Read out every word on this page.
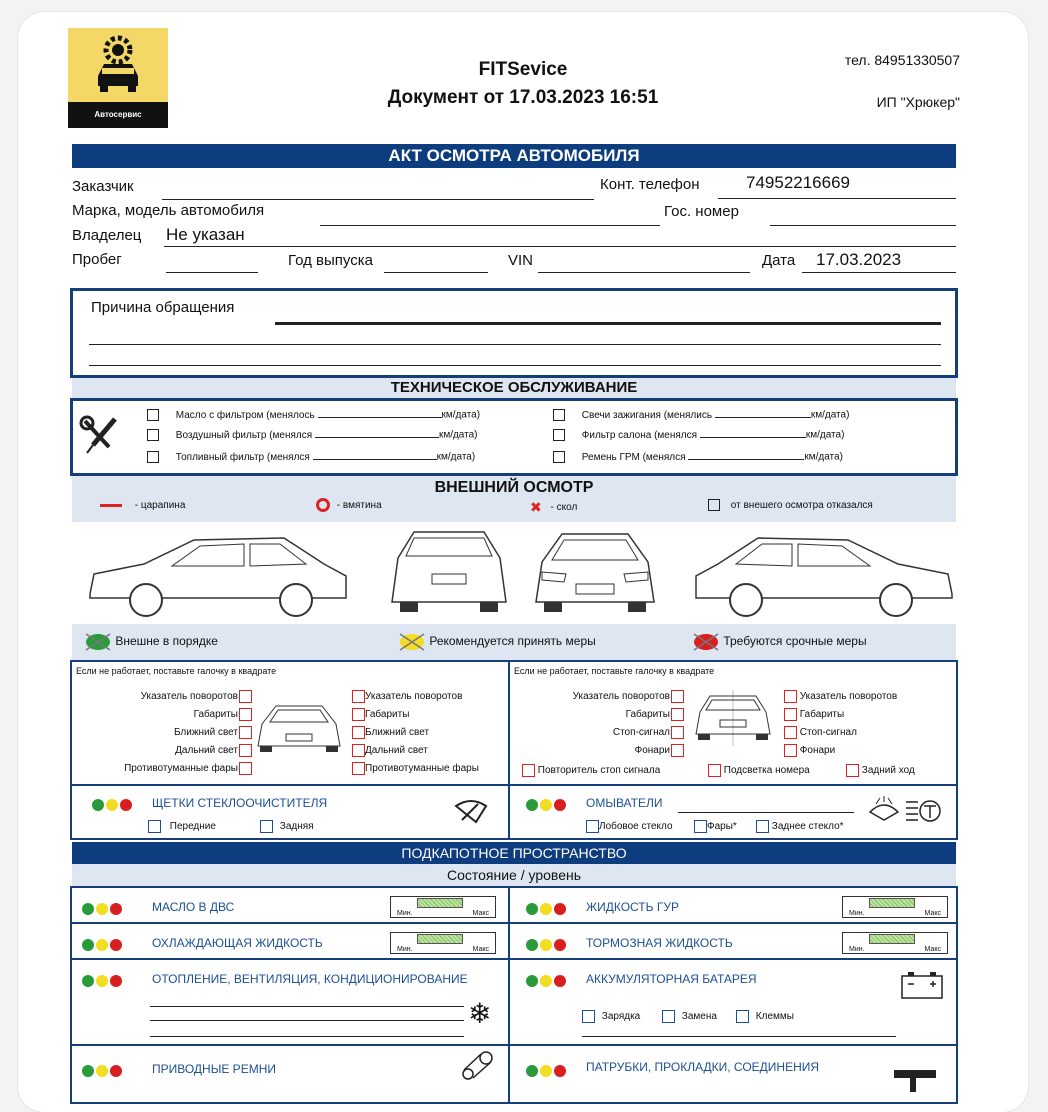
Автосервис
FITSevice
Документ от 17.03.2023 16:51
тел. 84951330507
ИП "Хрюкер"
АКТ ОСМОТРА АВТОМОБИЛЯ
Заказчик	Конт. телефон	74952216669
Марка, модель автомобиля	Гос. номер
Владелец Не указан
Пробег	Год выпуска	VIN	Дата 17.03.2023
Причина обращения
ТЕХНИЧЕСКОЕ ОБСЛУЖИВАНИЕ
Масло с фильтром (менялось	км/дата)
Воздушный фильтр (менялся	км/дата)
Топливный фильтр (менялся	км/дата)
Свечи зажигания (менялись	км/дата)
Фильтр салона (менялся	км/дата)
Ремень ГРМ (менялся	км/дата)
ВНЕШНИЙ ОСМОТР
- царапина	- вмятина	✖ - скол	от внешего осмотра отказался
Внешне в порядке	Рекомендуется принять меры	Требуются срочные меры
Если не работает, поставьте галочку в квадрате
Указатель поворотов
Габариты
Ближний свет
Дальний свет
Противотуманные фары
Указатель поворотов
Габариты
Ближний свет
Дальний свет
Противотуманные фары
Если не работает, поставьте галочку в квадрате
Указатель поворотов
Габариты
Стоп-сигнал
Фонари
Указатель поворотов
Габариты
Стоп-сигнал
Фонари
Повторитель стоп сигнала	Подсветка номера	Задний ход
ЩЕТКИ СТЕКЛООЧИСТИТЕЛЯ
Передние	Задняя
ОМЫВАТЕЛИ
Лобовое стекло	Фары*	Заднее стекло*
ПОДКАПОТНОЕ ПРОСТРАНСТВО
Состояние / уровень
МАСЛО В ДВС	Мин.	Макс	ЖИДКОСТЬ ГУР	Мин.	Макс
ОХЛАЖДАЮЩАЯ ЖИДКОСТЬ	Мин.	Макс	ТОРМОЗНАЯ ЖИДКОСТЬ	Мин.	Макс
ОТОПЛЕНИЕ, ВЕНТИЛЯЦИЯ, КОНДИЦИОНИРОВАНИЕ
❄
АККУМУЛЯТОРНАЯ БАТАРЕЯ
Зарядка	Замена	Клеммы
ПРИВОДНЫЕ РЕМНИ	ПАТРУБКИ, ПРОКЛАДКИ, СОЕДИНЕНИЯ
